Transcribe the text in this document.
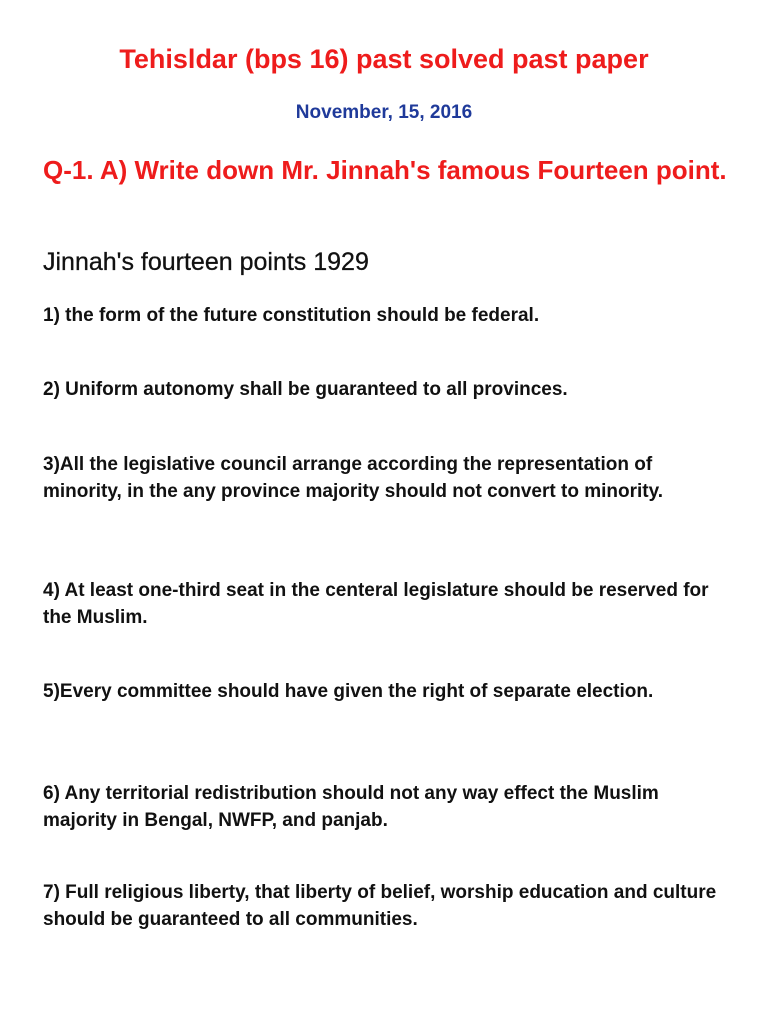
Tehisldar (bps 16) past solved past paper
November, 15, 2016
Q-1. A) Write down Mr. Jinnah's famous Fourteen point.
Jinnah's fourteen points 1929
1) the form of the future constitution should be federal.
2) Uniform autonomy shall be guaranteed to all provinces.
3)All the legislative council arrange according the representation of minority, in the any province majority should not convert to minority.
4) At least one-third seat in the centeral legislature should be reserved for the Muslim.
5)Every committee should have given the right of separate election.
6) Any territorial redistribution should not any way effect the Muslim majority in Bengal, NWFP, and panjab.
7) Full religious liberty, that liberty of belief, worship education and culture should be guaranteed to all communities.
